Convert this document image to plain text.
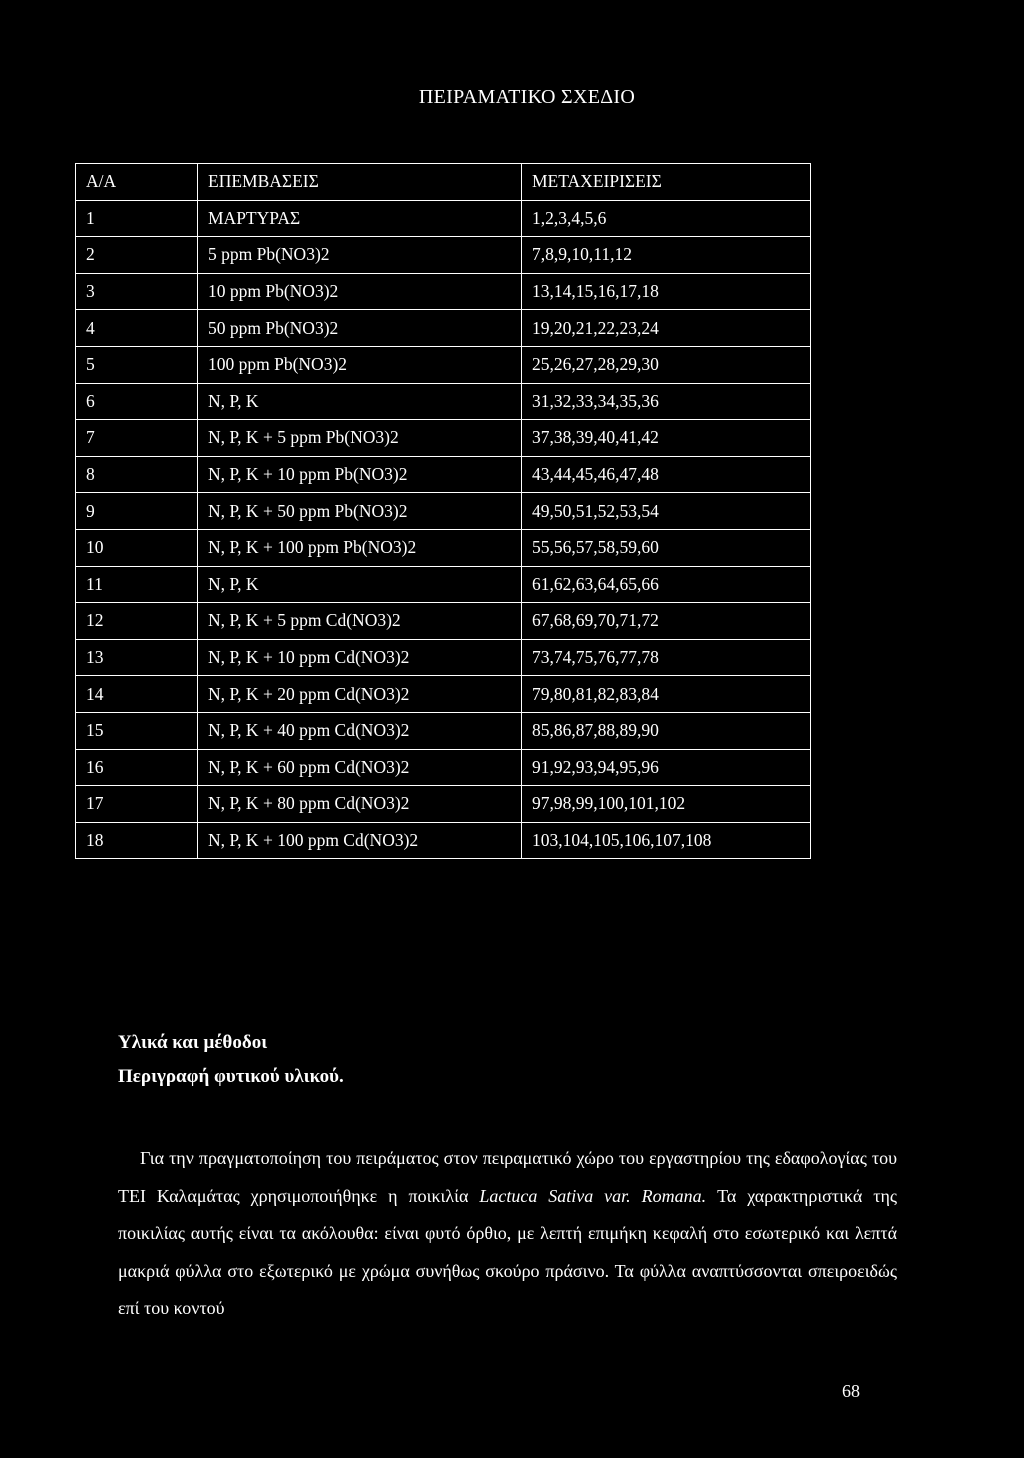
ΠΕΙΡΑΜΑΤΙΚΟ ΣΧΕΔΙΟ
Α/Α	ΕΠΕΜΒΑΣΕΙΣ	ΜΕΤΑΧΕΙΡΙΣΕΙΣ
1	ΜΑΡΤΥΡΑΣ	1,2,3,4,5,6
2	5 ppm Pb(NO3)2	7,8,9,10,11,12
3	10 ppm Pb(NO3)2	13,14,15,16,17,18
4	50 ppm Pb(NO3)2	19,20,21,22,23,24
5	100 ppm Pb(NO3)2	25,26,27,28,29,30
6	N, P, K	31,32,33,34,35,36
7	N, P, K + 5 ppm Pb(NO3)2	37,38,39,40,41,42
8	N, P, K + 10 ppm Pb(NO3)2	43,44,45,46,47,48
9	N, P, K + 50 ppm Pb(NO3)2	49,50,51,52,53,54
10	N, P, K + 100 ppm Pb(NO3)2	55,56,57,58,59,60
11	N, P, K	61,62,63,64,65,66
12	N, P, K + 5 ppm Cd(NO3)2	67,68,69,70,71,72
13	N, P, K + 10 ppm Cd(NO3)2	73,74,75,76,77,78
14	N, P, K + 20 ppm Cd(NO3)2	79,80,81,82,83,84
15	N, P, K + 40 ppm Cd(NO3)2	85,86,87,88,89,90
16	N, P, K + 60 ppm Cd(NO3)2	91,92,93,94,95,96
17	N, P, K + 80 ppm Cd(NO3)2	97,98,99,100,101,102
18	N, P, K + 100 ppm Cd(NO3)2	103,104,105,106,107,108
Υλικά και μέθοδοι
Περιγραφή φυτικού υλικού.
Για την πραγματοποίηση του πειράματος στον πειραματικό χώρο του εργαστηρίου της εδαφολογίας του ΤΕΙ Καλαμάτας χρησιμοποιήθηκε η ποικιλία Lactuca Sativa var. Romana. Τα χαρακτηριστικά της ποικιλίας αυτής είναι τα ακόλουθα: είναι φυτό όρθιο, με λεπτή επιμήκη κεφαλή στο εσωτερικό και λεπτά μακριά φύλλα στο εξωτερικό με χρώμα συνήθως σκούρο πράσινο. Τα φύλλα αναπτύσσονται σπειροειδώς επί του κοντού
68
